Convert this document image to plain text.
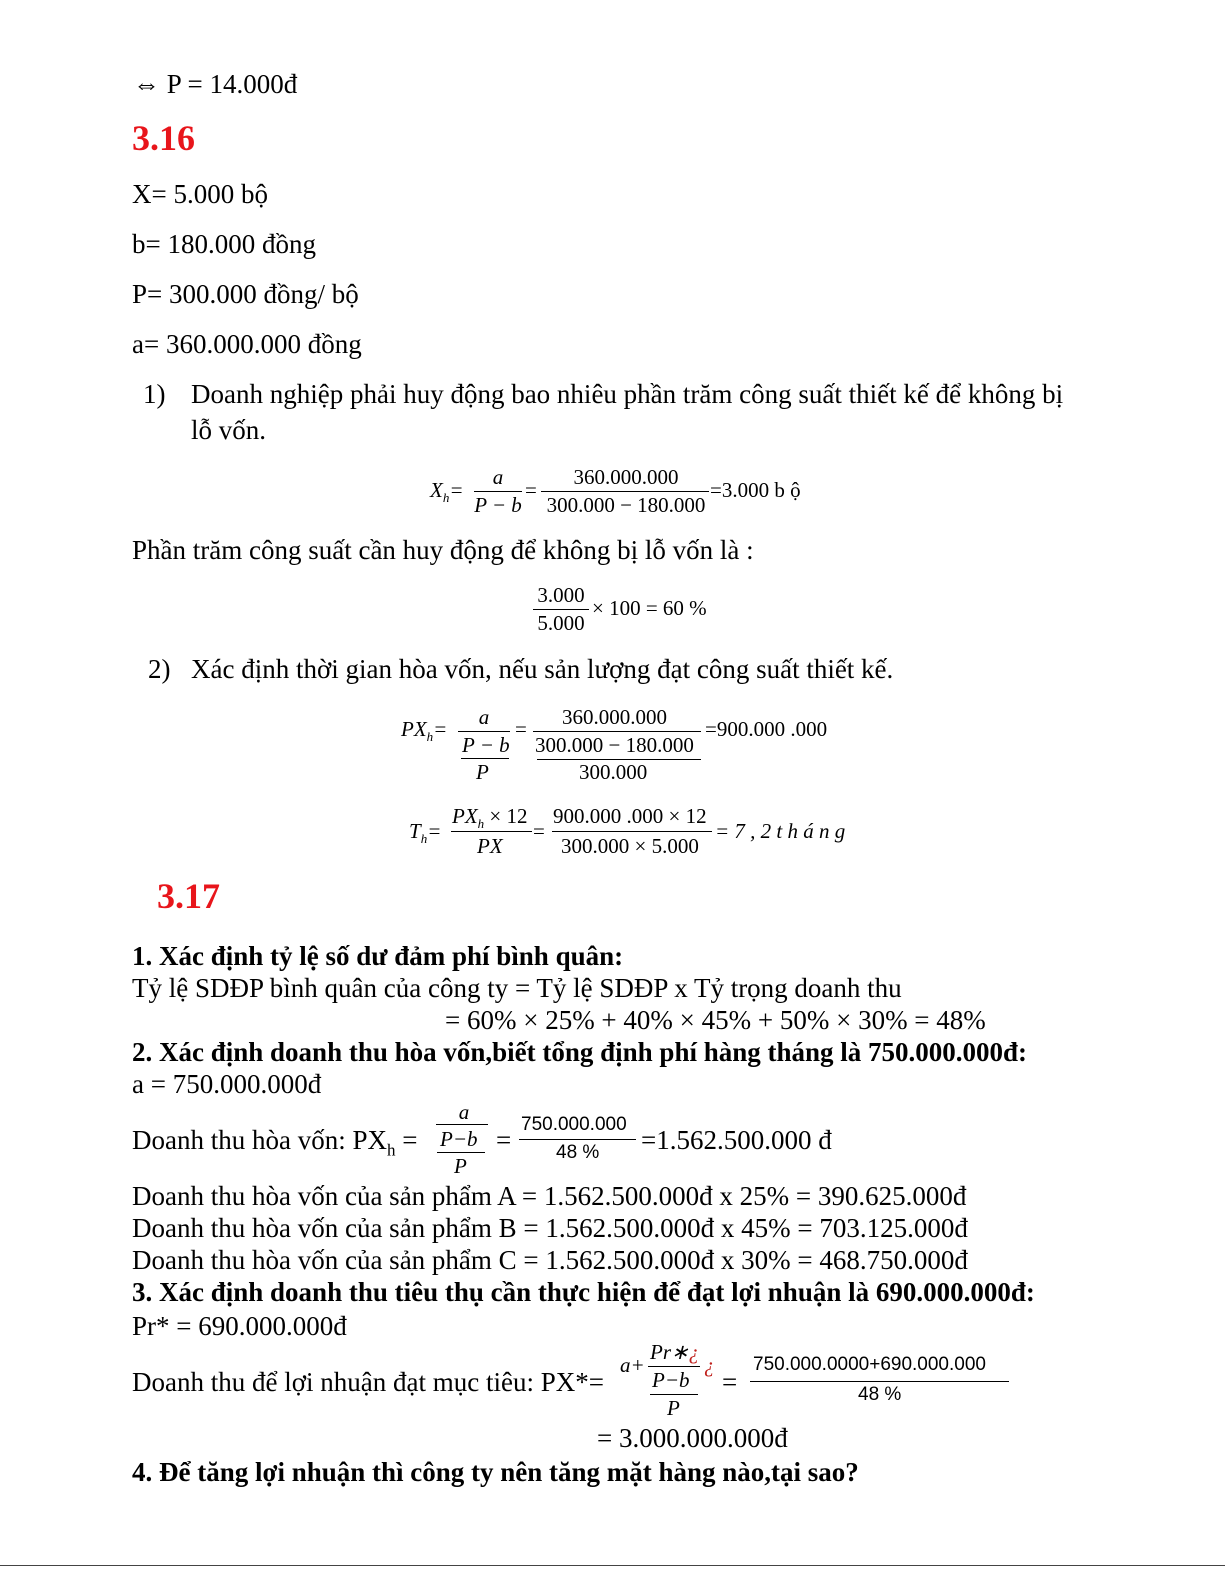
⇔ P = 14.000đ
3.16
X= 5.000 bộ
b= 180.000 đồng
P= 300.000 đồng/ bộ
a= 360.000.000 đồng
1) Doanh nghiệp phải huy động bao nhiêu phần trăm công suất thiết kế để không bị
lỗ vốn.
$X_h=$
a
P − b
=
360.000.000
300.000 − 180.000
=3.000 b ộ
Phần trăm công suất cần huy động để không bị lỗ vốn là :
3.000
5.000
× 100 = 60 %
2) Xác định thời gian hòa vốn, nếu sản lượng đạt công suất thiết kế.
$PX_h= a$
P − b
P
= 360.000.000
300.000 − 180.000
300.000
=900.000 .000
$T_h=$
$PX_h \times 12$
PX
=
900.000 .000 × 12
300.000 × 5.000
= 7 , 2 t h á n g
3.17
1. Xác định tỷ lệ số dư đảm phí bình quân:
Tỷ lệ SDĐP bình quân của công ty = Tỷ lệ SDĐP x Tỷ trọng doanh thu
= 60% × 25% + 40% × 45% + 50% × 30% = 48%
2. Xác định doanh thu hòa vốn,biết tổng định phí hàng tháng là 750.000.000đ:
a = 750.000.000đ
Doanh thu hòa vốn: $PX_h$ =
a
P−b
P
=
750.000.000
48 % =1.562.500.000 đ
Doanh thu hòa vốn của sản phẩm A = 1.562.500.000đ x 25% = 390.625.000đ
Doanh thu hòa vốn của sản phẩm B = 1.562.500.000đ x 45% = 703.125.000đ
Doanh thu hòa vốn của sản phẩm C = 1.562.500.000đ x 30% = 468.750.000đ
3. Xác định doanh thu tiêu thụ cần thực hiện để đạt lợi nhuận là 690.000.000đ:
Pr* = 690.000.000đ
Doanh thu để lợi nhuận đạt mục tiêu: PX*=
a+
Pr∗¿
P−b
¿
P
=
750.000.0000+690.000.000
48 %
= 3.000.000.000đ
4. Để tăng lợi nhuận thì công ty nên tăng mặt hàng nào,tại sao?
